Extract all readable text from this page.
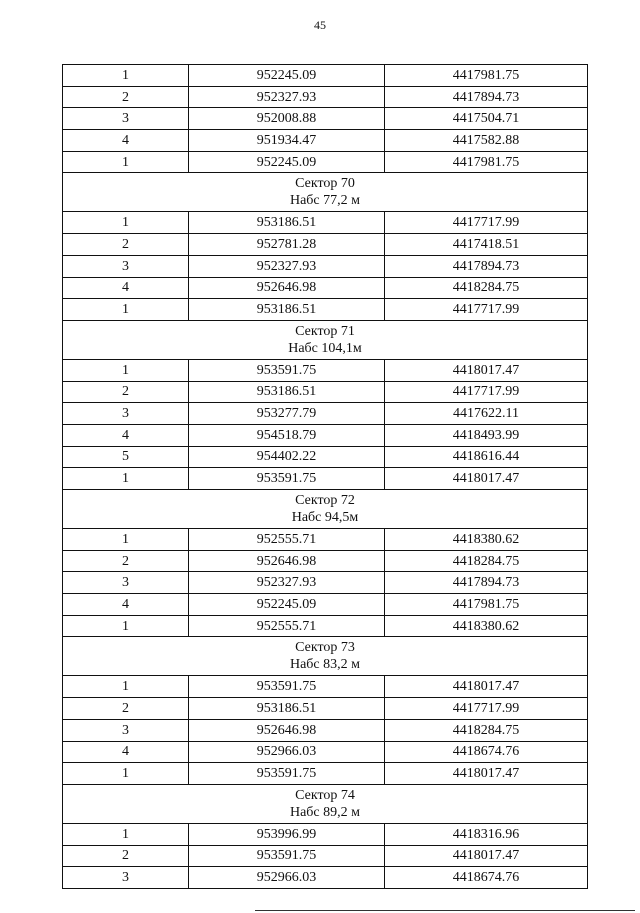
45
1	952245.09	4417981.75
2	952327.93	4417894.73
3	952008.88	4417504.71
4	951934.47	4417582.88
1	952245.09	4417981.75

Сектор 70
Набс 77,2 м		

1	953186.51	4417717.99
2	952781.28	4417418.51
3	952327.93	4417894.73
4	952646.98	4418284.75
1	953186.51	4417717.99

Сектор 71
Набс 104,1м		

1	953591.75	4418017.47
2	953186.51	4417717.99
3	953277.79	4417622.11
4	954518.79	4418493.99
5	954402.22	4418616.44
1	953591.75	4418017.47

Сектор 72
Набс 94,5м		

1	952555.71	4418380.62
2	952646.98	4418284.75
3	952327.93	4417894.73
4	952245.09	4417981.75
1	952555.71	4418380.62

Сектор 73
Набс 83,2 м		

1	953591.75	4418017.47
2	953186.51	4417717.99
3	952646.98	4418284.75
4	952966.03	4418674.76
1	953591.75	4418017.47

Сектор 74
Набс 89,2 м		

1	953996.99	4418316.96
2	953591.75	4418017.47
3	952966.03	4418674.76
